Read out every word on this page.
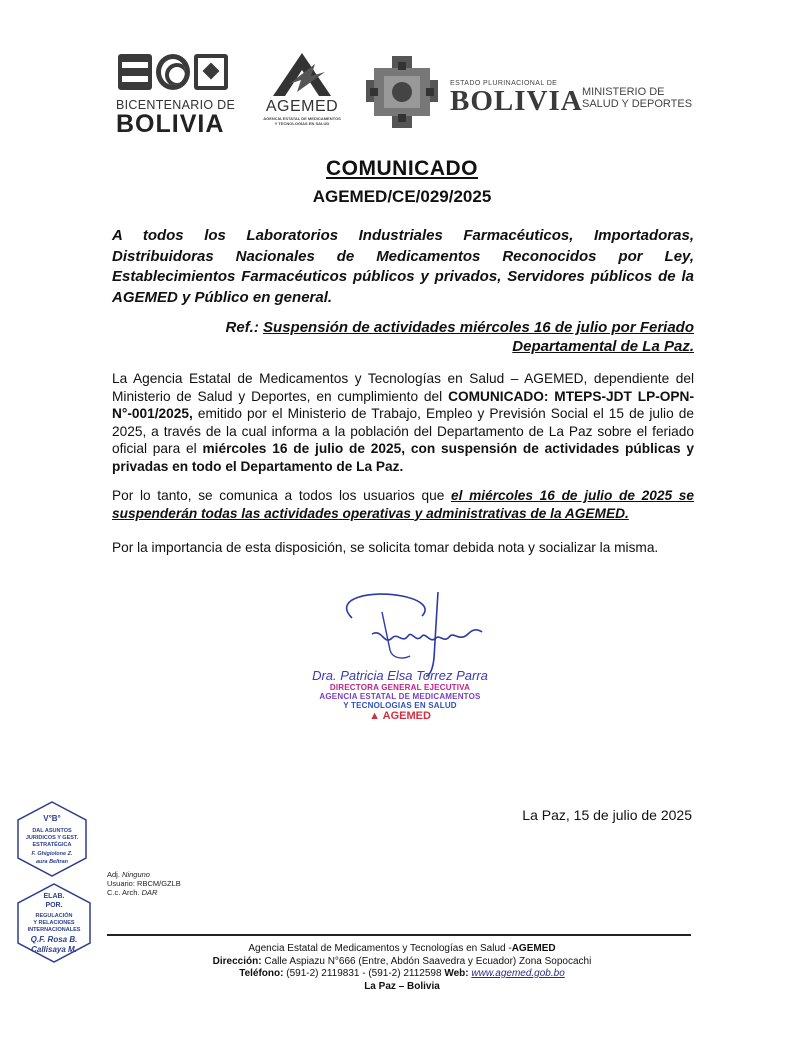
BICENTENARIO DE
BOLIVIA
AGEMED
AGENCIA ESTATAL DE MEDICAMENTOS
Y TECNOLOGÍAS EN SALUD
ESTADO PLURINACIONAL DE
BOLIVIA MINISTERIO DE
SALUD Y DEPORTES
COMUNICADO
AGEMED/CE/029/2025
A todos los Laboratorios Industriales Farmacéuticos, Importadoras, Distribuidoras Nacionales de Medicamentos Reconocidos por Ley, Establecimientos Farmacéuticos públicos y privados, Servidores públicos de la AGEMED y Público en general.
Ref.: Suspensión de actividades miércoles 16 de julio por Feriado
Departamental de La Paz.
La Agencia Estatal de Medicamentos y Tecnologías en Salud – AGEMED, dependiente del Ministerio de Salud y Deportes, en cumplimiento del COMUNICADO: MTEPS-JDT LP-OPN-N°-001/2025, emitido por el Ministerio de Trabajo, Empleo y Previsión Social el 15 de julio de 2025, a través de la cual informa a la población del Departamento de La Paz sobre el feriado oficial para el miércoles 16 de julio de 2025, con suspensión de actividades públicas y privadas en todo el Departamento de La Paz.
Por lo tanto, se comunica a todos los usuarios que el miércoles 16 de julio de 2025 se suspenderán todas las actividades operativas y administrativas de la AGEMED.
Por la importancia de esta disposición, se solicita tomar debida nota y socializar la misma.
Dra. Patricia Elsa Torrez Parra
DIRECTORA GENERAL EJECUTIVA
AGENCIA ESTATAL DE MEDICAMENTOS
Y TECNOLOGIAS EN SALUD
▲ AGEMED
La Paz, 15 de julio de 2025
V°B°
DAL ASUNTOS
JURIDICOS Y GEST.
ESTRATÉGICA
F. Ghigiolone Z.
aura Beltran
ELAB.
POR.
REGULACIÓN
Y RELACIONES
INTERNACIONALES
Q.F. Rosa B.
Callisaya M.
Adj. Ninguno
Usuario: RBCM/GZLB
C.c. Arch. DAR
Agencia Estatal de Medicamentos y Tecnologías en Salud -AGEMED
Dirección: Calle Aspiazu N°666 (Entre, Abdón Saavedra y Ecuador) Zona Sopocachi
Teléfono: (591-2) 2119831 - (591-2) 2112598 Web: www.agemed.gob.bo
La Paz – Bolivia
